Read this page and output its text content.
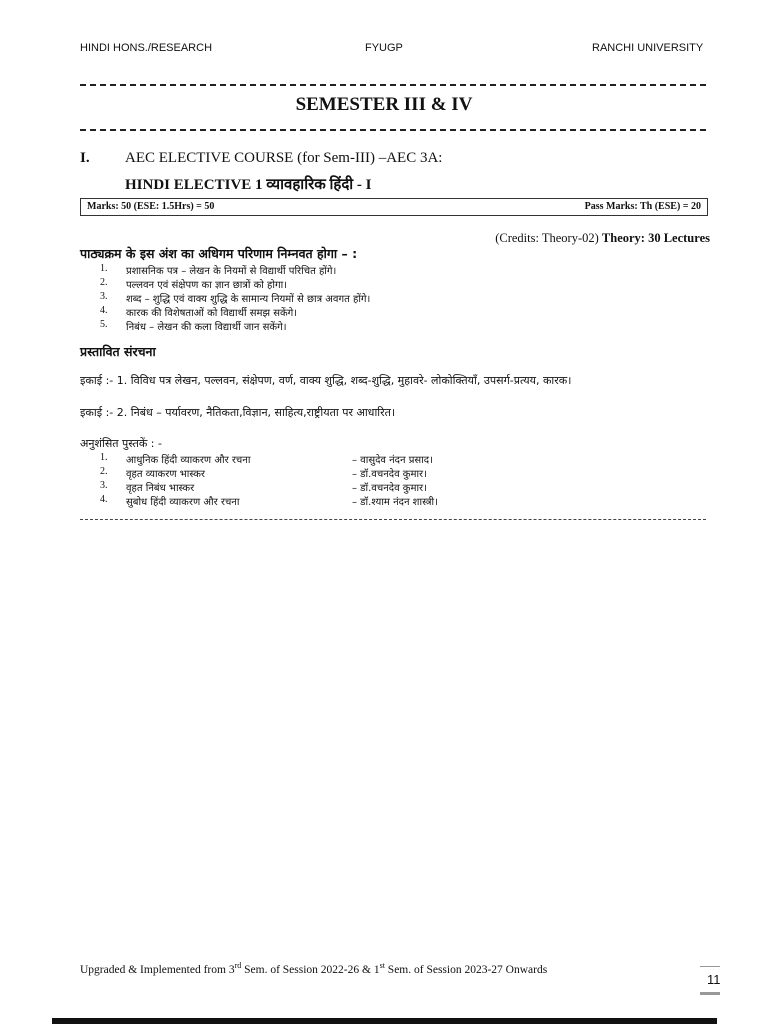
HINDI HONS./RESEARCH	FYUGP	RANCHI UNIVERSITY
SEMESTER III & IV
I. AEC ELECTIVE COURSE (for Sem-III) –AEC 3A:
HINDI ELECTIVE 1 व्यावहारिक हिंदी - I
Marks: 50 (ESE: 1.5Hrs) = 50	Pass Marks: Th (ESE) = 20
(Credits: Theory-02) Theory: 30 Lectures
पाठ्यक्रम के इस अंश का अधिगम परिणाम निम्नवत होगा – :
1.	प्रशासनिक पत्र – लेखन के नियमों से विद्यार्थी परिचित होंगे।
2.	पल्लवन एवं संक्षेपण का ज्ञान छात्रों को होगा।
3.	शब्द – शुद्धि एवं वाक्य शुद्धि के सामान्य नियमों से छात्र अवगत होंगे।
4.	कारक की विशेषताओं को विद्यार्थी समझ सकेंगे।
5.	निबंध – लेखन की कला विद्यार्थी जान सकेंगे।
प्रस्तावित संरचना
इकाई :- 1. विविध पत्र लेखन, पल्लवन, संक्षेपण, वर्ण, वाक्य शुद्धि, शब्द-शुद्धि, मुहावरे- लोकोक्तियाँ, उपसर्ग-प्रत्यय, कारक।
इकाई :- 2. निबंध – पर्यावरण, नैतिकता,विज्ञान, साहित्य,राष्ट्रीयता पर आधारित।
अनुशंसित पुस्तकें : -
1.	आधुनिक हिंदी व्याकरण और रचना	– वासुदेव नंदन प्रसाद।
2.	वृहत व्याकरण भास्कर	– डॉ.वचनदेव कुमार।
3.	वृहत निबंध भास्कर	– डॉ.वचनदेव कुमार।
4.	सुबोध हिंदी व्याकरण और रचना	– डॉ.श्याम नंदन शास्त्री।
Upgraded & Implemented from 3rd Sem. of Session 2022-26 & 1st Sem. of Session 2023-27 Onwards
11
